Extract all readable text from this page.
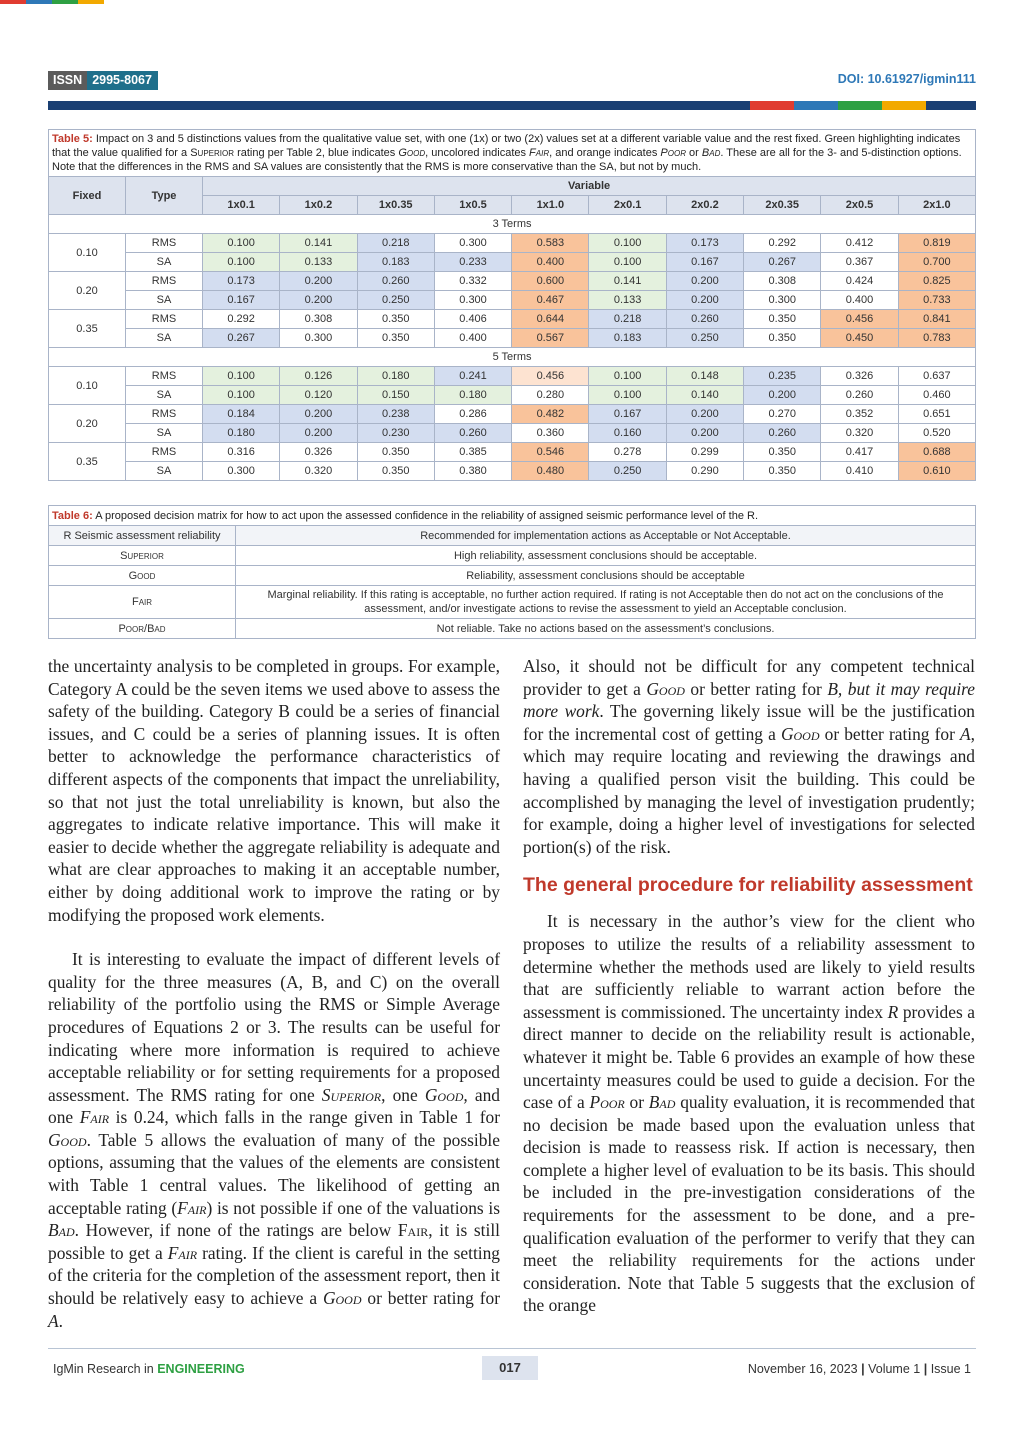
ISSN 2995-8067	DOI: 10.61927/igmin111
Table 5: Impact on 3 and 5 distinctions values from the qualitative value set, with one (1x) or two (2x) values set at a different variable value and the rest fixed. Green highlighting indicates that the value qualified for a Superior rating per Table 2, blue indicates Good, uncolored indicates Fair, and orange indicates Poor or Bad. These are all for the 3- and 5-distinction options. Note that the differences in the RMS and SA values are consistently that the RMS is more conservative than the SA, but not by much.											
Fixed	Type	Variable									
		1x0.1	1x0.2	1x0.35	1x0.5	1x1.0	2x0.1	2x0.2	2x0.35	2x0.5	2x1.0
3 Terms											
0.10	RMS	0.100	0.141	0.218	0.300	0.583	0.100	0.173	0.292	0.412	0.819
	SA	0.100	0.133	0.183	0.233	0.400	0.100	0.167	0.267	0.367	0.700
0.20	RMS	0.173	0.200	0.260	0.332	0.600	0.141	0.200	0.308	0.424	0.825
	SA	0.167	0.200	0.250	0.300	0.467	0.133	0.200	0.300	0.400	0.733
0.35	RMS	0.292	0.308	0.350	0.406	0.644	0.218	0.260	0.350	0.456	0.841
	SA	0.267	0.300	0.350	0.400	0.567	0.183	0.250	0.350	0.450	0.783
5 Terms											
0.10	RMS	0.100	0.126	0.180	0.241	0.456	0.100	0.148	0.235	0.326	0.637
	SA	0.100	0.120	0.150	0.180	0.280	0.100	0.140	0.200	0.260	0.460
0.20	RMS	0.184	0.200	0.238	0.286	0.482	0.167	0.200	0.270	0.352	0.651
	SA	0.180	0.200	0.230	0.260	0.360	0.160	0.200	0.260	0.320	0.520
0.35	RMS	0.316	0.326	0.350	0.385	0.546	0.278	0.299	0.350	0.417	0.688
	SA	0.300	0.320	0.350	0.380	0.480	0.250	0.290	0.350	0.410	0.610
Table 6: A proposed decision matrix for how to act upon the assessed confidence in the reliability of assigned seismic performance level of the R.	
R Seismic assessment reliability	Recommended for implementation actions as Acceptable or Not Acceptable.
Superior	High reliability, assessment conclusions should be acceptable.
Good	Reliability, assessment conclusions should be acceptable
Fair	Marginal reliability. If this rating is acceptable, no further action required. If rating is not Acceptable then do not act on the conclusions of the assessment, and/or investigate actions to revise the assessment to yield an Acceptable conclusion.
Poor/Bad	Not reliable. Take no actions based on the assessment’s conclusions.

the uncertainty analysis to be completed in groups. For example, Category A could be the seven items we used above to assess the safety of the building. Category B could be a series of financial issues, and C could be a series of planning issues. It is often better to acknowledge the performance characteristics of different aspects of the components that impact the unreliability, so that not just the total unreliability is known, but also the aggregates to indicate relative importance. This will make it easier to decide whether the aggregate reliability is adequate and what are clear approaches to making it an acceptable number, either by doing additional work to improve the rating or by modifying the proposed work elements.

It is interesting to evaluate the impact of different levels of quality for the three measures (A, B, and C) on the overall reliability of the portfolio using the RMS or Simple Average procedures of Equations 2 or 3. The results can be useful for indicating where more information is required to achieve acceptable reliability or for setting requirements for a proposed assessment. The RMS rating for one Superior, one Good, and one Fair is 0.24, which falls in the range given in Table 1 for Good. Table 5 allows the evaluation of many of the possible options, assuming that the values of the elements are consistent with Table 1 central values. The likelihood of getting an acceptable rating (Fair) is not possible if one of the valuations is Bad. However, if none of the ratings are below Fair, it is still possible to get a Fair rating. If the client is careful in the setting of the criteria for the completion of the assessment report, then it should be relatively easy to achieve a Good or better rating for A.

Also, it should not be difficult for any competent technical provider to get a Good or better rating for B, but it may require more work. The governing likely issue will be the justification for the incremental cost of getting a Good or better rating for A, which may require locating and reviewing the drawings and having a qualified person visit the building. This could be accomplished by managing the level of investigation prudently; for example, doing a higher level of investigations for selected portion(s) of the risk.

The general procedure for reliability assessment

It is necessary in the author’s view for the client who proposes to utilize the results of a reliability assessment to determine whether the methods used are likely to yield results that are sufficiently reliable to warrant action before the assessment is commissioned. The uncertainty index R provides a direct manner to decide on the reliability result is actionable, whatever it might be. Table 6 provides an example of how these uncertainty measures could be used to guide a decision. For the case of a Poor or Bad quality evaluation, it is recommended that no decision be made based upon the evaluation unless that decision is made to reassess risk. If action is necessary, then complete a higher level of evaluation to be its basis. This should be included in the pre-investigation considerations of the requirements for the assessment to be done, and a pre-qualification evaluation of the performer to verify that they can meet the reliability requirements for the actions under consideration. Note that Table 5 suggests that the exclusion of the orange

IgMin Research in ENGINEERING	017	November 16, 2023 | Volume 1 | Issue 1
